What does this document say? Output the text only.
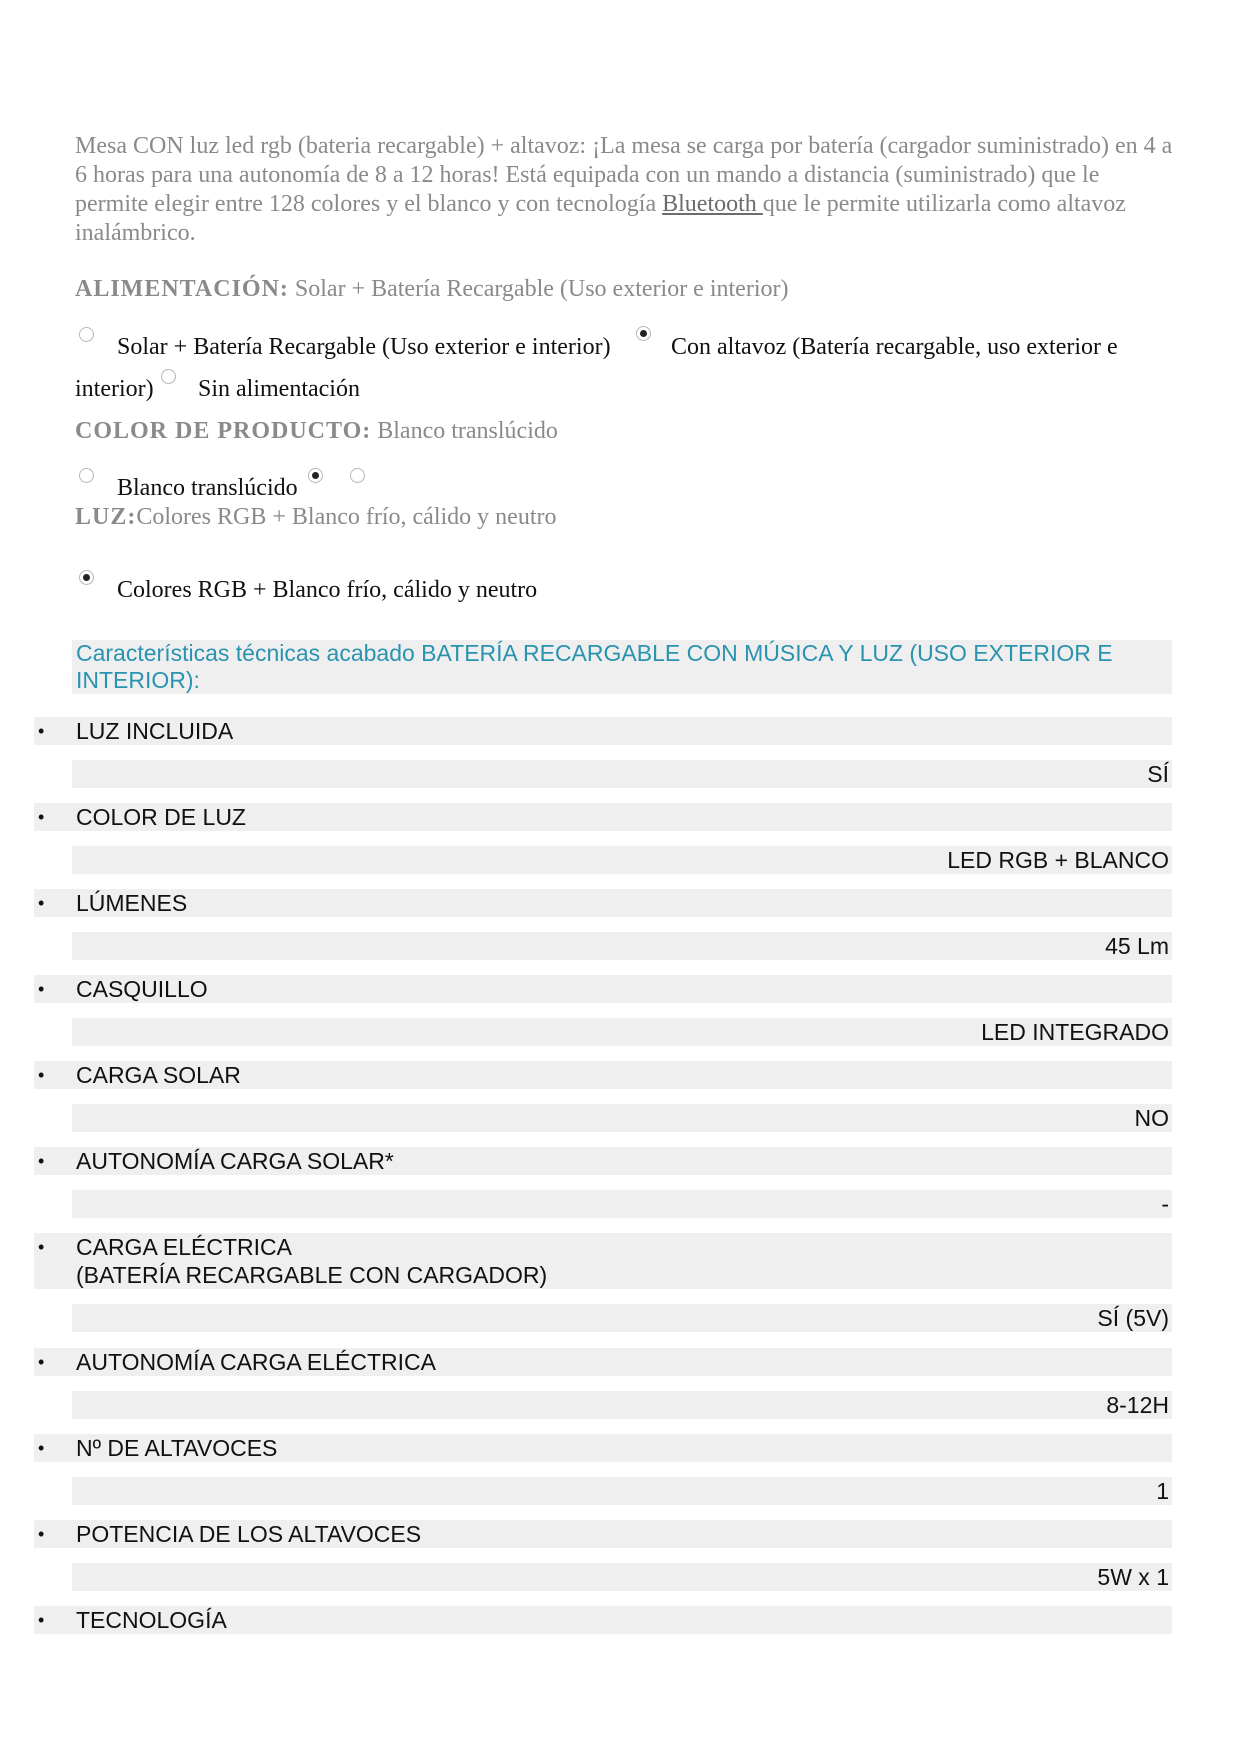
Mesa CON luz led rgb (bateria recargable) + altavoz: ¡La mesa se carga por batería (cargador suministrado) en 4 a 6 horas para una autonomía de 8 a 12 horas! Está equipada con un mando a distancia (suministrado) que le permite elegir entre 128 colores y el blanco y con tecnología Bluetooth que le permite utilizarla como altavoz inalámbrico.
ALIMENTACIÓN: Solar + Batería Recargable (Uso exterior e interior)
Solar + Batería Recargable (Uso exterior e interior)	Con altavoz (Batería recargable, uso exterior e
interior) Sin alimentación
COLOR DE PRODUCTO: Blanco translúcido
Blanco translúcido
LUZ:Colores RGB + Blanco frío, cálido y neutro
Colores RGB + Blanco frío, cálido y neutro
Características técnicas acabado BATERÍA RECARGABLE CON MÚSICA Y LUZ (USO EXTERIOR E INTERIOR):
• LUZ INCLUIDA
SÍ
• COLOR DE LUZ
LED RGB + BLANCO
• LÚMENES
45 Lm
• CASQUILLO
LED INTEGRADO
• CARGA SOLAR
NO
• AUTONOMÍA CARGA SOLAR*
-
• CARGA ELÉCTRICA
(BATERÍA RECARGABLE CON CARGADOR)
SÍ (5V)
• AUTONOMÍA CARGA ELÉCTRICA
8-12H
• Nº DE ALTAVOCES
1
• POTENCIA DE LOS ALTAVOCES
5W x 1
• TECNOLOGÍA
